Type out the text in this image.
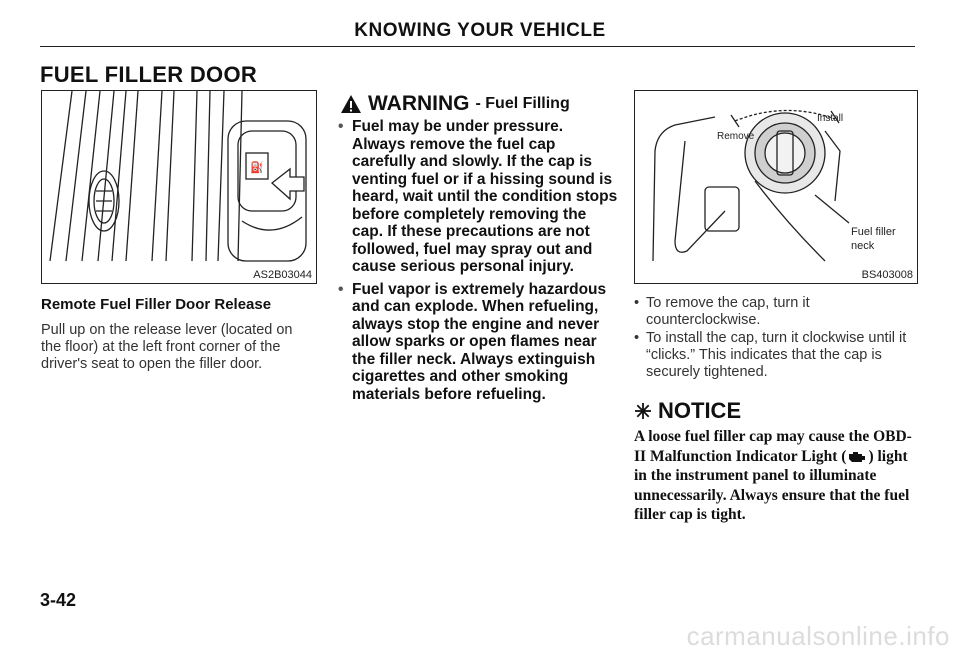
KNOWING YOUR VEHICLE
FUEL FILLER DOOR
⛽
AS2B03044
Remote Fuel Filler Door Release
Pull up on the release lever (located on the floor) at the left front corner of the driver's seat to open the filler door.
WARNING - Fuel Filling
• Fuel may be under pressure. Always remove the fuel cap carefully and slowly. If the cap is venting fuel or if a hissing sound is heard, wait until the condition stops before completely removing the cap. If these precautions are not followed, fuel may spray out and cause serious personal injury.
• Fuel vapor is extremely hazardous and can explode. When refueling, always stop the engine and never allow sparks or open flames near the filler neck. Always extinguish cigarettes and other smoking materials before refueling.
Remove
Install
Fuel filler
neck
BS403008
• To remove the cap, turn it counterclockwise.
• To install the cap, turn it clockwise until it “clicks.” This indicates that the cap is securely tightened.
NOTICE
A loose fuel filler cap may cause the OBD-II Malfunction Indicator Light ( ) light in the instrument panel to illuminate unnecessarily. Always ensure that the fuel filler cap is tight.
3-42
carmanualsonline.info
